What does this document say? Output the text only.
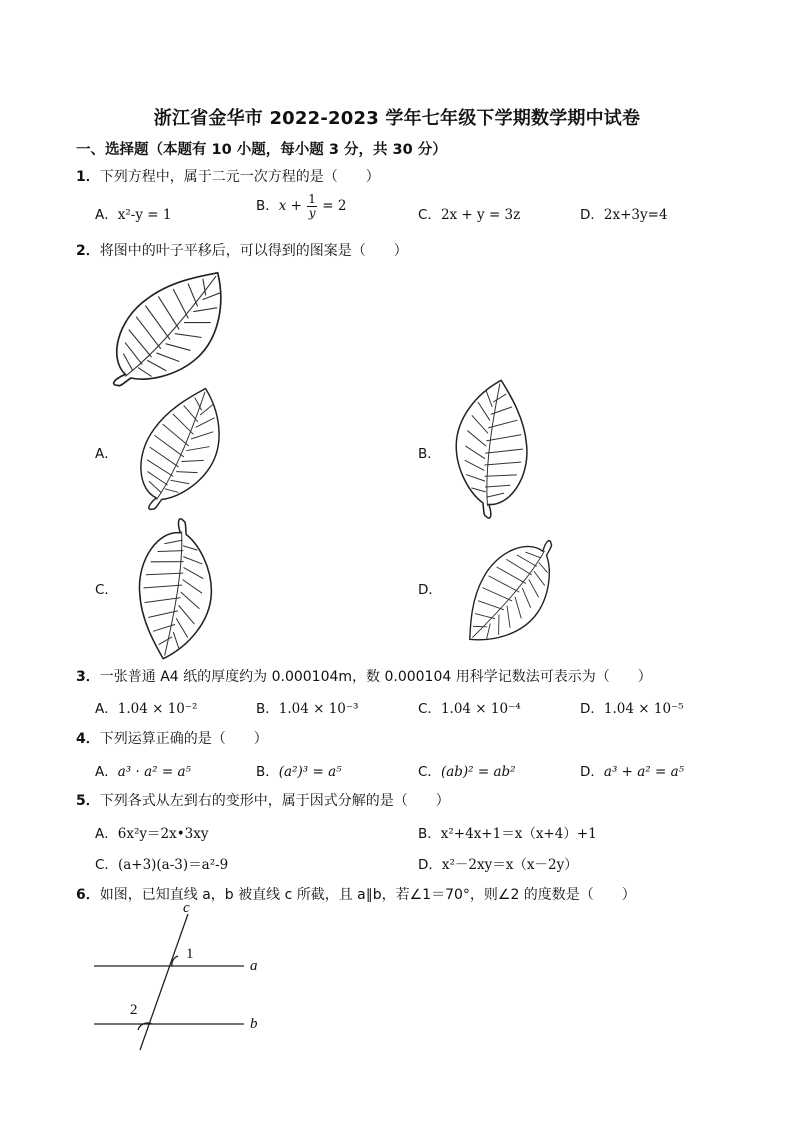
浙江省金华市 2022-2023 学年七年级下学期数学期中试卷
一、选择题（本题有 10 小题，每小题 3 分，共 30 分）
1．下列方程中，属于二元一次方程的是（　　）
A．x²-y = 1
B．$x + \frac{1}{y} = 2$
C．2x + y = 3z	D．2x+3y=4
2．将图中的叶子平移后，可以得到的图案是（　　）
A．	B．
C．	D．
3．一张普通 A4 纸的厚度约为 0.000104m，数 0.000104 用科学记数法可表示为（　　）
A．1.04 × 10⁻²	B．1.04 × 10⁻³	C．1.04 × 10⁻⁴	D．1.04 × 10⁻⁵
4．下列运算正确的是（　　）
A．a³ · a² = a⁵	B．(a²)³ = a⁵	C．(ab)² = ab²	D．a³ + a² = a⁵
5．下列各式从左到右的变形中，属于因式分解的是（　　）
A．6x²y＝2x•3xy	B．x²+4x+1＝x（x+4）+1
C．(a+3)(a-3)＝a²-9	D．x²－2xy＝x（x－2y）
6．如图，已知直线 a，b 被直线 c 所截，且 a∥b，若∠1＝70°，则∠2 的度数是（　　）
c
1
a
2
b
